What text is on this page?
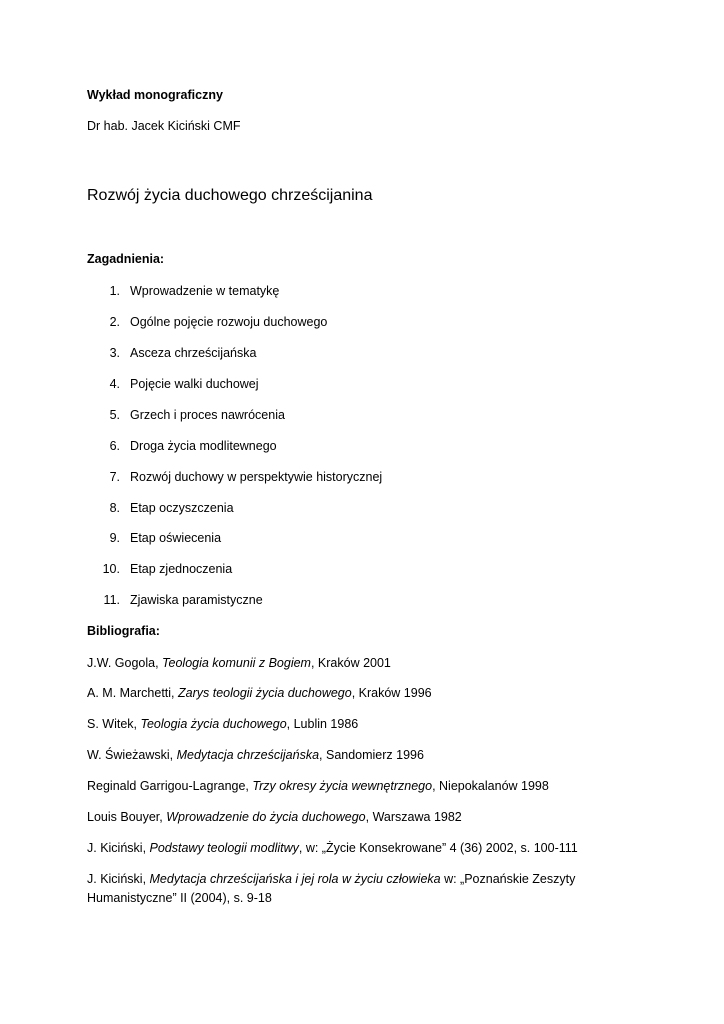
Wykład monograficzny
Dr hab. Jacek Kiciński CMF
Rozwój życia duchowego chrześcijanina
Zagadnienia:
1. Wprowadzenie w tematykę
2. Ogólne pojęcie rozwoju duchowego
3. Asceza chrześcijańska
4. Pojęcie walki duchowej
5. Grzech i proces nawrócenia
6. Droga życia modlitewnego
7. Rozwój duchowy w perspektywie historycznej
8. Etap oczyszczenia
9. Etap oświecenia
10. Etap zjednoczenia
11. Zjawiska paramistyczne
Bibliografia:
J.W. Gogola, Teologia komunii z Bogiem, Kraków 2001
A. M. Marchetti, Zarys teologii życia duchowego, Kraków 1996
S. Witek, Teologia życia duchowego, Lublin 1986
W. Świeżawski, Medytacja chrześcijańska, Sandomierz 1996
Reginald Garrigou-Lagrange, Trzy okresy życia wewnętrznego, Niepokalanów 1998
Louis Bouyer, Wprowadzenie do życia duchowego, Warszawa 1982
J. Kiciński, Podstawy teologii modlitwy, w: „Życie Konsekrowane” 4 (36) 2002, s. 100-111
J. Kiciński, Medytacja chrześcijańska i jej rola w życiu człowieka w: „Poznańskie Zeszyty Humanistyczne” II (2004), s. 9-18
